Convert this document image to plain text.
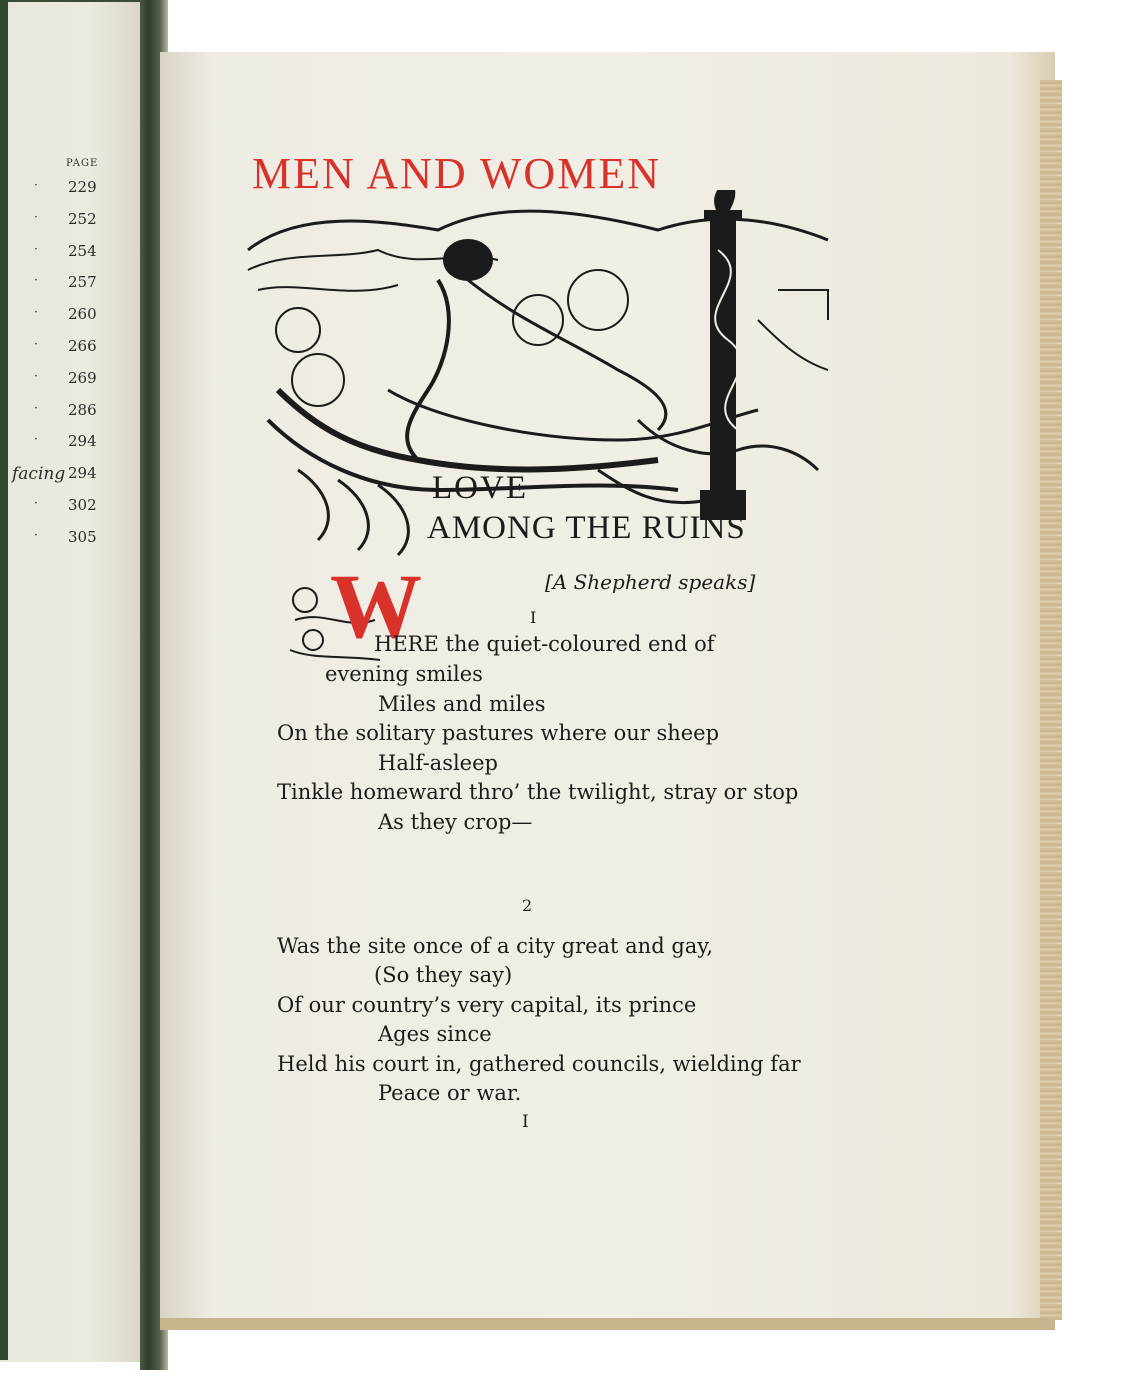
PAGE
· 229
· 252
· 254
· 257
· 260
· 266
· 269
· 286
· 294
facing 294
· 302
· 305
MEN AND WOMEN
LOVE
AMONG THE RUINS
[A Shepherd speaks]
W	I
HERE the quiet-coloured end of
evening smiles
Miles and miles
On the solitary pastures where our sheep
Half-asleep
Tinkle homeward thro’ the twilight, stray or stop
As they crop—
2
Was the site once of a city great and gay,
(So they say)
Of our country’s very capital, its prince
Ages since
Held his court in, gathered councils, wielding far
Peace or war.
I
